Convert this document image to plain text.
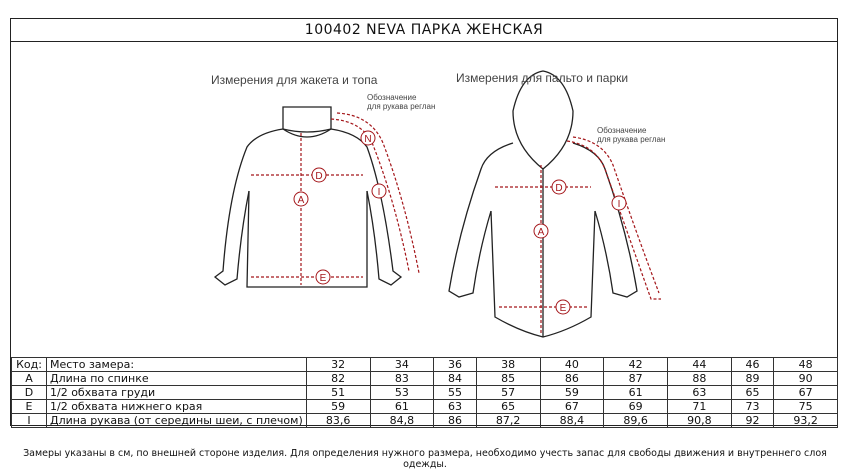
100402 NEVA ПАРКА ЖЕНСКАЯ
A
D
E
I
N
Обозначение
для рукава реглан
A
D
E
I
Обозначение
для рукава реглан
Измерения для жакета и топа	Измерения для пальто и парки
Код:	Место замера:	32	34	36	38	40	42	44	46	48
A	Длина по спинке	82	83	84	85	86	87	88	89	90
D	1/2 обхвата груди	51	53	55	57	59	61	63	65	67
E	1/2 обхвата нижнего края	59	61	63	65	67	69	71	73	75
I	Длина рукава (от середины шеи, с плечом)	83,6	84,8	86	87,2	88,4	89,6	90,8	92	93,2
Замеры указаны в см, по внешней стороне изделия. Для определения нужного размера, необходимо учесть запас для свободы движения и внутреннего слоя одежды.
